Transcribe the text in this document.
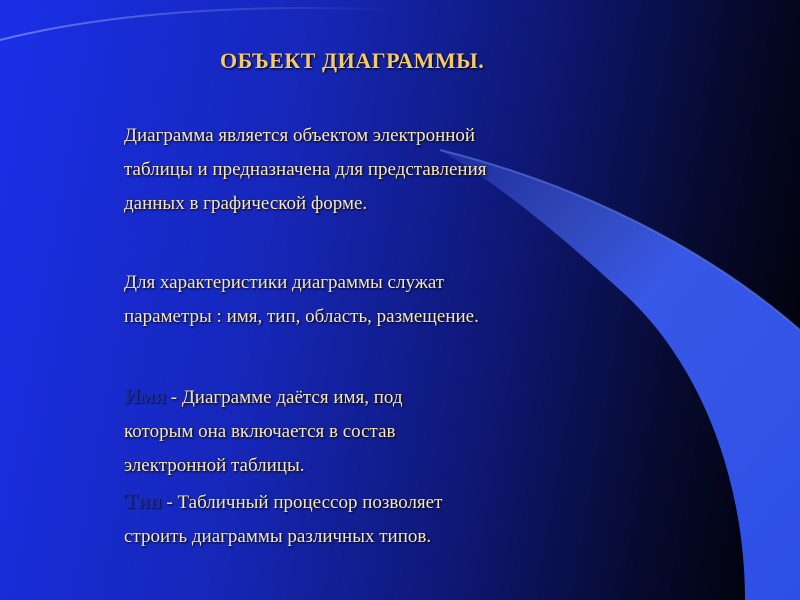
ОБЪЕКТ ДИАГРАММЫ.
Диаграмма является объектом электронной
таблицы и предназначена для представления
данных в графической форме.
Для характеристики диаграммы служат
параметры : имя, тип, область, размещение.
Имя - Диаграмме даётся имя, под
которым она включается в состав
электронной таблицы.
Тип - Табличный процессор позволяет
строить диаграммы различных типов.
